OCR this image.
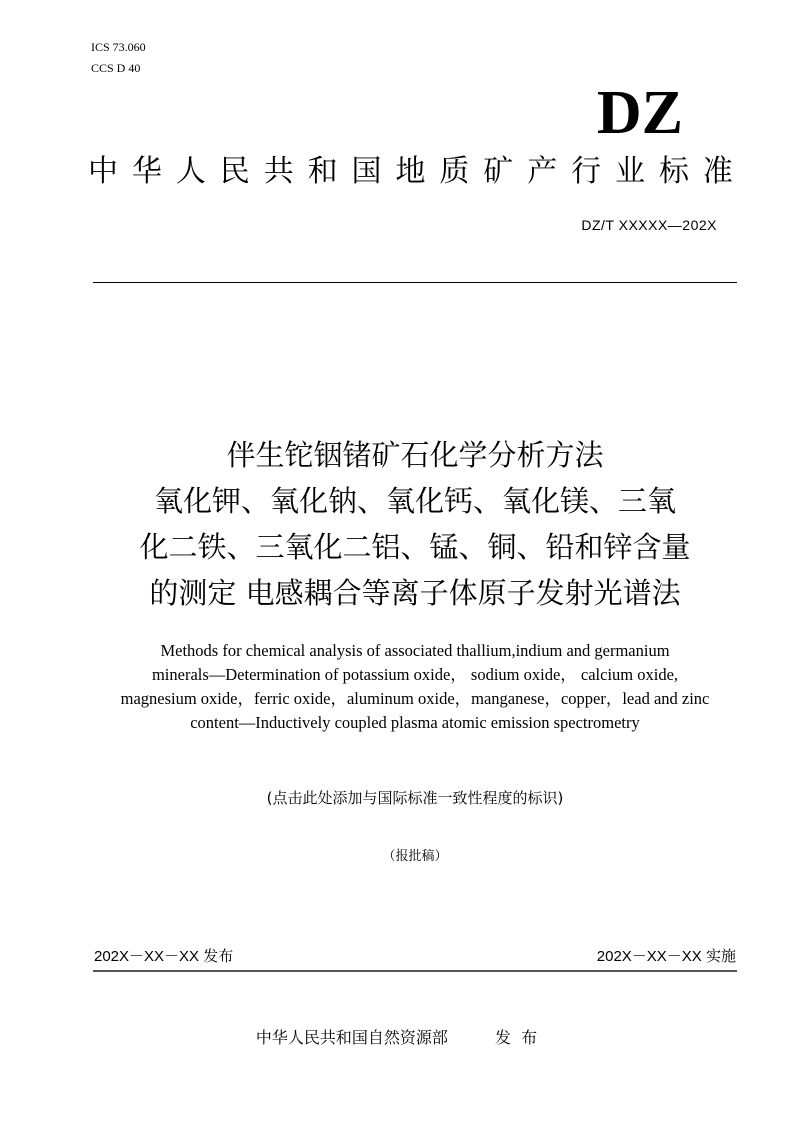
ICS 73.060
CCS D 40
DZ
中 华 人 民 共 和 国 地 质 矿 产 行 业 标 准
DZ/T XXXXX—202X
伴生铊铟锗矿石化学分析方法
氧化钾、氧化钠、氧化钙、氧化镁、三氧
化二铁、三氧化二铝、锰、铜、铅和锌含量
的测定 电感耦合等离子体原子发射光谱法
Methods for chemical analysis of associated thallium,indium and germanium
minerals—Determination of potassium oxide， sodium oxide， calcium oxide,
magnesium oxide，ferric oxide，aluminum oxide，manganese，copper，lead and zinc
content—Inductively coupled plasma atomic emission spectrometry
(点击此处添加与国际标准一致性程度的标识)
（报批稿）
202X－XX－XX 发布	202X－XX－XX 实施
中华人民共和国自然资源部	发  布
